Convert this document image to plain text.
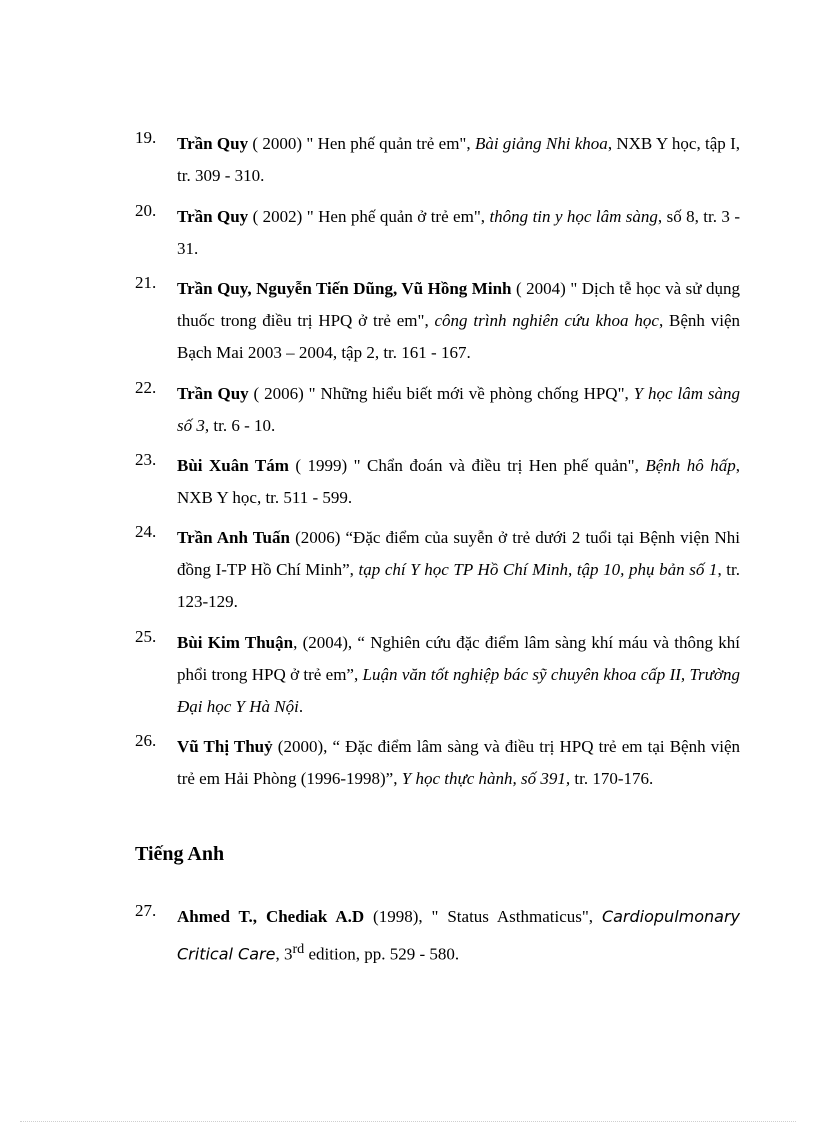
19.	Trần Quy ( 2000) " Hen phế quản trẻ em", Bài giảng Nhi khoa, NXB Y học, tập I, tr. 309 - 310.
20.	Trần Quy ( 2002) " Hen phế quản ở trẻ em", thông tin y học lâm sàng, số 8, tr. 3 - 31.
21.	Trần Quy, Nguyễn Tiến Dũng, Vũ Hồng Minh ( 2004) " Dịch tễ học và sử dụng thuốc trong điều trị HPQ ở trẻ em", công trình nghiên cứu khoa học, Bệnh viện Bạch Mai 2003 – 2004, tập 2, tr. 161 - 167.
22.	Trần Quy ( 2006) " Những hiểu biết mới về phòng chống HPQ", Y học lâm sàng số 3, tr. 6 - 10.
23.	Bùi Xuân Tám ( 1999) " Chẩn đoán và điều trị Hen phế quản", Bệnh hô hấp, NXB Y học, tr. 511 - 599.
24.	Trần Anh Tuấn (2006) “Đặc điểm của suyễn ở trẻ dưới 2 tuổi tại Bệnh viện Nhi đồng I-TP Hồ Chí Minh”, tạp chí Y học TP Hồ Chí Minh, tập 10, phụ bản số 1, tr. 123-129.
25.	Bùi Kim Thuận, (2004), “ Nghiên cứu đặc điểm lâm sàng khí máu và thông khí phổi trong HPQ ở trẻ em”, Luận văn tốt nghiệp bác sỹ chuyên khoa cấp II, Trường Đại học Y Hà Nội.
26.	Vũ Thị Thuỷ (2000), “ Đặc điểm lâm sàng và điều trị HPQ trẻ em tại Bệnh viện trẻ em Hải Phòng (1996-1998)”, Y học thực hành, số 391, tr. 170-176.
Tiếng Anh
27.	Ahmed T., Chediak A.D (1998), " Status Asthmaticus", Cardiopulmonary Critical Care, 3rd edition, pp. 529 - 580.
